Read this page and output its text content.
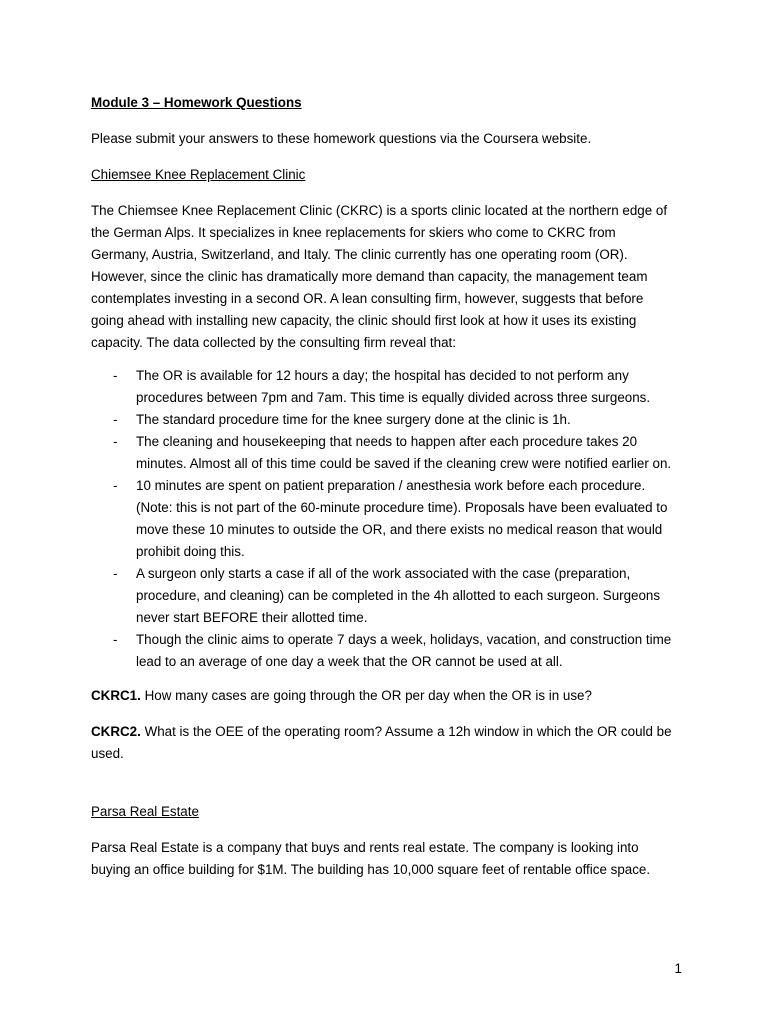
Module 3 – Homework Questions

Please submit your answers to these homework questions via the Coursera website.

Chiemsee Knee Replacement Clinic

The Chiemsee Knee Replacement Clinic (CKRC) is a sports clinic located at the northern edge of the German Alps. It specializes in knee replacements for skiers who come to CKRC from Germany, Austria, Switzerland, and Italy. The clinic currently has one operating room (OR). However, since the clinic has dramatically more demand than capacity, the management team contemplates investing in a second OR. A lean consulting firm, however, suggests that before going ahead with installing new capacity, the clinic should first look at how it uses its existing capacity. The data collected by the consulting firm reveal that:

- The OR is available for 12 hours a day; the hospital has decided to not perform any procedures between 7pm and 7am. This time is equally divided across three surgeons.
- The standard procedure time for the knee surgery done at the clinic is 1h.
- The cleaning and housekeeping that needs to happen after each procedure takes 20 minutes. Almost all of this time could be saved if the cleaning crew were notified earlier on.
- 10 minutes are spent on patient preparation / anesthesia work before each procedure. (Note: this is not part of the 60-minute procedure time). Proposals have been evaluated to move these 10 minutes to outside the OR, and there exists no medical reason that would prohibit doing this.
- A surgeon only starts a case if all of the work associated with the case (preparation, procedure, and cleaning) can be completed in the 4h allotted to each surgeon. Surgeons never start BEFORE their allotted time.
- Though the clinic aims to operate 7 days a week, holidays, vacation, and construction time lead to an average of one day a week that the OR cannot be used at all.

CKRC1. How many cases are going through the OR per day when the OR is in use?

CKRC2. What is the OEE of the operating room? Assume a 12h window in which the OR could be used.

Parsa Real Estate

Parsa Real Estate is a company that buys and rents real estate. The company is looking into buying an office building for $1M. The building has 10,000 square feet of rentable office space.

1
